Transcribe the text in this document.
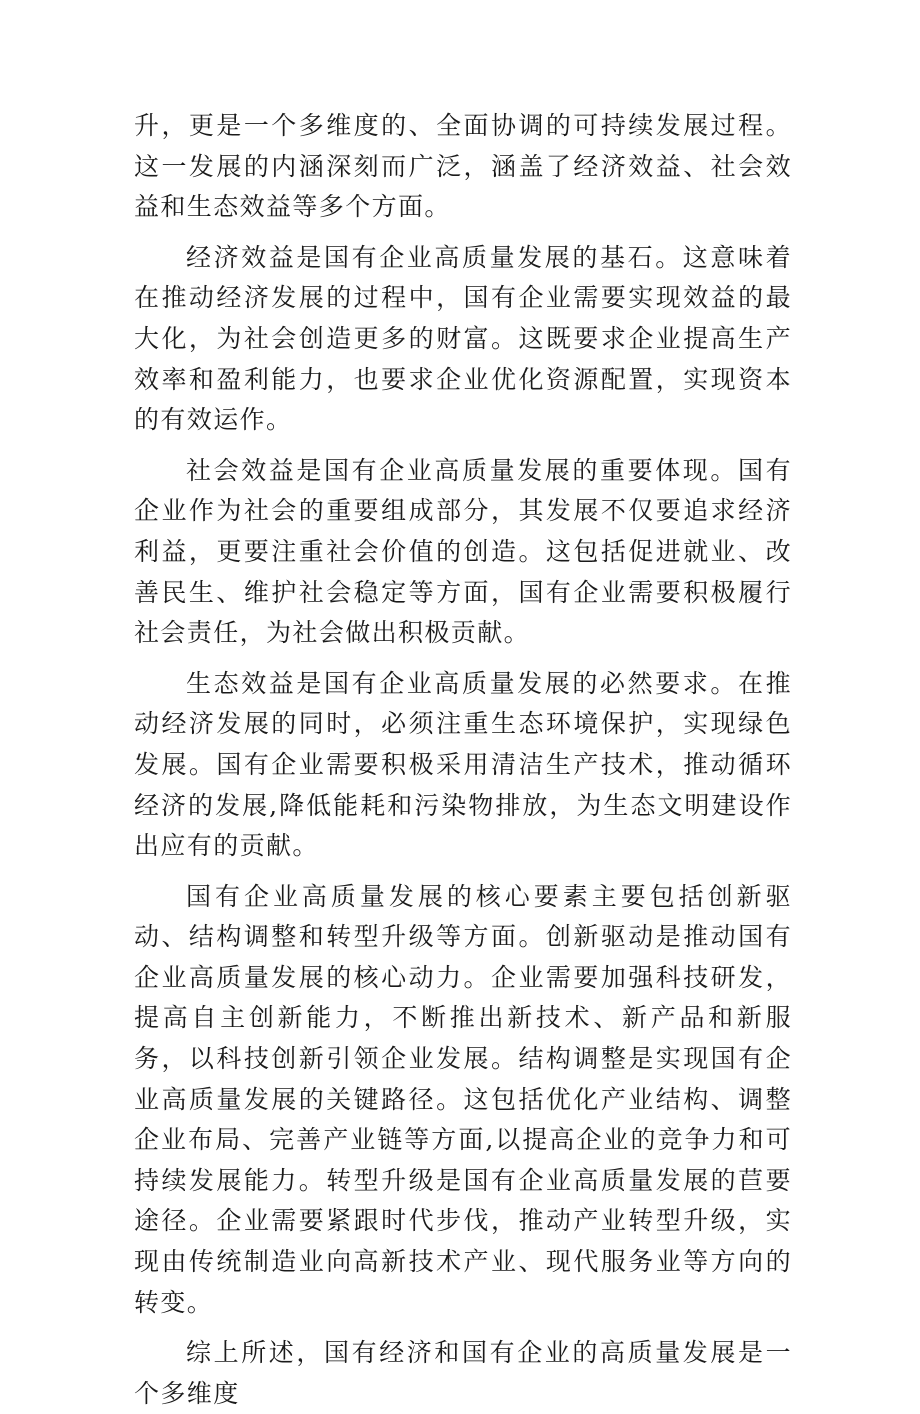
升，更是一个多维度的、全面协调的可持续发展过程。这一发展的内涵深刻而广泛，涵盖了经济效益、社会效益和生态效益等多个方面。

经济效益是国有企业高质量发展的基石。这意味着在推动经济发展的过程中，国有企业需要实现效益的最大化，为社会创造更多的财富。这既要求企业提高生产效率和盈利能力，也要求企业优化资源配置，实现资本的有效运作。

社会效益是国有企业高质量发展的重要体现。国有企业作为社会的重要组成部分，其发展不仅要追求经济利益，更要注重社会价值的创造。这包括促进就业、改善民生、维护社会稳定等方面，国有企业需要积极履行社会责任，为社会做出积极贡献。

生态效益是国有企业高质量发展的必然要求。在推动经济发展的同时，必须注重生态环境保护，实现绿色发展。国有企业需要积极采用清洁生产技术，推动循环经济的发展,降低能耗和污染物排放，为生态文明建设作出应有的贡献。

国有企业高质量发展的核心要素主要包括创新驱动、结构调整和转型升级等方面。创新驱动是推动国有企业高质量发展的核心动力。企业需要加强科技研发，提高自主创新能力，不断推出新技术、新产品和新服务，以科技创新引领企业发展。结构调整是实现国有企业高质量发展的关键路径。这包括优化产业结构、调整企业布局、完善产业链等方面,以提高企业的竞争力和可持续发展能力。转型升级是国有企业高质量发展的苣要途径。企业需要紧跟时代步伐，推动产业转型升级，实现由传统制造业向高新技术产业、现代服务业等方向的转变。

综上所述，国有经济和国有企业的高质量发展是一个多维度
